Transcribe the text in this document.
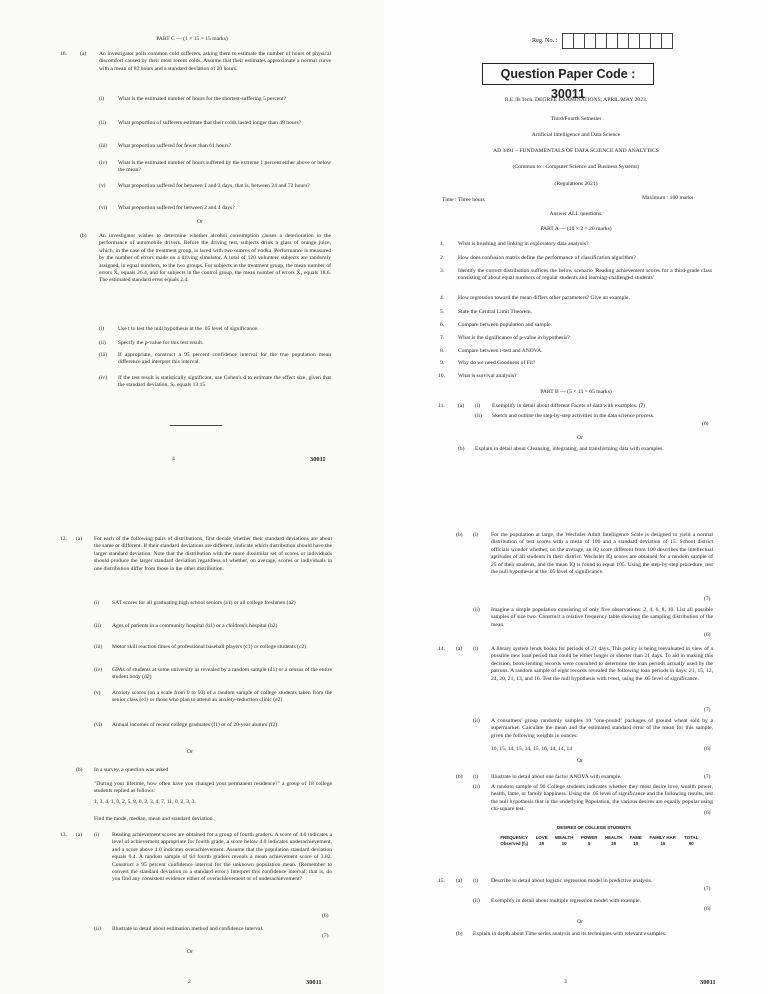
PART C — (1 × 15 = 15 marks)
16. (a) An investigator polls common cold sufferers, asking them to estimate the number of hours of physical discomfort caused by their most recent colds. Assume that their estimates approximate a normal curve with a mean of 83 hours and a standard deviation of 20 hours.
(i) What is the estimated number of hours for the shortest-suffering 5 percent?
(ii) What proportion of sufferers estimate that their colds lasted longer than 48 hours?
(iii) What proportion suffered for fewer than 61 hours?
(iv) What is the estimated number of hours suffered by the extreme 1 percent either above or below the mean?
(v) What proportion suffered for between 1 and 3 days, that is, between 24 and 72 hours?
(vi) What proportion suffered for between 2 and 4 days?
Or
(b) An investigator wishes to determine whether alcohol consumption causes a deterioration in the performance of automobile drivers. Before the driving test, subjects drink a glass of orange juice, which, in the case of the treatment group, is laced with two ounces of vodka. Performance is measured by the number of errors made on a driving simulator. A total of 120 volunteer subjects are randomly assigned, in equal numbers, to the two groups. For subjects in the treatment group, the mean number of errors X̄₁ equals 26.4, and for subjects in the control group, the mean number of errors X̄₂ equals 18.6. The estimated standard error equals 2.4.
(i) Use t to test the null hypothesis at the .05 level of significance.
(ii) Specify the p-value for this test result.
(iii) If appropriate, construct a 95 percent confidence interval for the true population mean difference and interpret this interval.
(iv) If the test result is statistically significant, use Cohen's d to estimate the effect size, given that the standard deviation, Sₚ equals 13.15.
4	30011
Reg. No. :
Question Paper Code : 30011
B.E./B.Tech. DEGREE EXAMINATIONS, APRIL/MAY 2023.
Third/Fourth Semester
Artificial Intelligence and Data Science
AD 3491 – FUNDAMENTALS OF DATA SCIENCE AND ANALYTICS
(Common to : Computer Science and Business Systems)
(Regulations 2021)
Time : Three hours	Maximum : 100 marks
Answer ALL questions.
PART A — (10 × 2 = 20 marks)
1. What is brushing and linking in exploratory data analysis?
2. How does confusion matrix define the performance of classification algorithm?
3. Identify the correct distribution suffices the below scenario 'Reading achievement scores for a third-grade class consisting of about equal numbers of regular students and learning-challenged students'
4. How regression toward the mean differs other parameters? Give an example.
5. State the Central Limit Theorem.
6. Compare between population and sample.
7. What is the significance of p-value in hypothesis?
8. Compare between t-test and ANOVA.
9. Why do we need Goodness of Fit?
10. What is survival analysis?
PART B — (5 × 13 = 65 marks)
11. (a) (i) Exemplify in detail about different Facets of data with examples. (7)
(ii) Sketch and outline the step-by-step activities in the data science process.
(6)
Or
(b) Explain in detail about Cleansing, integrating, and transforming data with examples.
12. (a) For each of the following pairs of distributions, first decide whether their standard deviations are about the same or different. If their standard deviations are different, indicate which distribution should have the larger standard deviation. Note that the distribution with the more dissimilar set of scores or individuals should produce the larger standard deviation regardless of whether, on average, scores or individuals in one distribution differ from those in the other distribution.
(i) SAT scores for all graduating high school seniors (a1) or all college freshmen (a2)
(ii) Ages of patients in a community hospital (b1) or a children's hospital (b2)
(iii) Motor skill reaction times of professional baseball players (c1) or college students (c2)
(iv) GPAs of students at some university as revealed by a random sample (d1) or a census of the entire student body (d2)
(v) Anxiety scores (on a scale from 0 to 50) of a random sample of college students taken from the senior class (e1) or those who plan to attend an anxiety-reduction clinic (e2)
(vi) Annual incomes of recent college graduates (f1) or of 20-year alumni (f2)
Or
(b) In a survey, a question was asked
"During your lifetime, how often have you changed your permanent residence?" a group of 18 college students replied as follows:
1, 3, 4, 1, 0, 2, 5, 8, 0, 2, 3, 4, 7, 11, 0, 2, 3, 3.
Find the mode, median, mean and standard deviation.
13. (a) (i) Reading achievement scores are obtained for a group of fourth graders. A score of 4.0 indicates a level of achievement appropriate for fourth grade, a score below 4.0 indicates underachievement, and a score above 4.0 indicates overachievement. Assume that the population standard deviation equals 0.4. A random sample of 64 fourth graders reveals a mean achievement score of 3.82. Construct a 95 percent confidence interval for the unknown population mean. (Remember to convert the standard deviation to a standard error.) Interpret this confidence interval; that is, do you find any consistent evidence either of overachievement or of underachievement?
(6)
(ii) Illustrate in detail about estimation method and confidence interval.
(7)
Or
2	30011
(b) (i) For the population at large, the Wechsler Adult Intelligence Scale is designed to yield a normal distribution of test scores with a mean of 100 and a standard deviation of 15. School district officials wonder whether, on the average, an IQ score different from 100 describes the intellectual aptitudes of all students in their district. Wechsler IQ scores are obtained for a random sample of 25 of their students, and the mean IQ is found to equal 105. Using the step-by-step procedure, test the null hypothesis at the .05 level of significance.
(7)
(ii) Imagine a simple population consisting of only five observations: 2, 4, 6, 8, 10. List all possible samples of size two. Construct a relative frequency table showing the sampling distribution of the mean.
(6)
14. (a) (i) A library system lends books for periods of 21 days. This policy is being reevaluated in view of a possible new loan period that could be either longer or shorter than 21 days. To aid in making this decision, book-lending records were consulted to determine the loan periods actually used by the patrons. A random sample of eight records revealed the following loan periods in days: 21, 15, 12, 24, 20, 21, 13, and 16. Test the null hypothesis with t-test, using the .05 level of significance.
(7)
(ii) A consumers' group randomly samples 10 "one-pound" packages of ground wheat sold by a supermarket. Calculate the mean and the estimated standard error of the mean for this sample, given the following weights in ounces:
16, 15, 14, 15, 14, 15, 16, 14, 14, 14	(6)
Or
(b) (i) Illustrate in detail about one factor ANOVA with example.	(7)
(ii) A random sample of 90 College students indicates whether they most desire love, wealth power, health, fame, or family happiness. Using the .05 level of significance and the following results, test the null hypothesis that in the underlying Population, the various desires are equally popular using chi-square test.
(6)
DESIRES OF COLLEGE STUDENTS
FREQUENCY	LOVE	WEALTH	POWER	HEALTH	FAME	FAMILY HAP.	TOTAL
Observed (fₒ)	25	10	5	25	10	15	90
15. (a) (i) Describe in detail about logistic regression model in predictive analysis.
(7)
(ii) Exemplify in detail about multiple regression model with example.
(6)
Or
(b) Explain in depth about Time series analysis and its techniques with relevant examples.
3	30011
